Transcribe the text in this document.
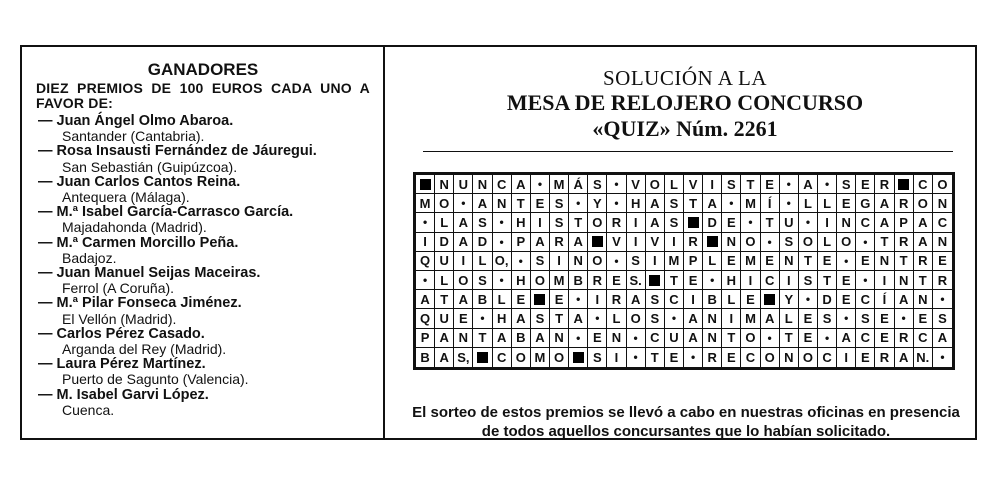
GANADORES

DIEZ PREMIOS DE 100 EUROS CADA UNO A FAVOR DE:

— Juan Ángel Olmo Abaroa.
Santander (Cantabria).
— Rosa Insausti Fernández de Jáuregui.
San Sebastián (Guipúzcoa).
— Juan Carlos Cantos Reina.
Antequera (Málaga).
— M.ª Isabel García-Carrasco García.
Majadahonda (Madrid).
— M.ª Carmen Morcillo Peña.
Badajoz.
— Juan Manuel Seijas Maceiras.
Ferrol (A Coruña).
— M.ª Pilar Fonseca Jiménez.
El Vellón (Madrid).
— Carlos Pérez Casado.
Arganda del Rey (Madrid).
— Laura Pérez Martínez.
Puerto de Sagunto (Valencia).
— M. Isabel Garvi López.
Cuenca.
SOLUCIÓN A LA
MESA DE RELOJERO CONCURSO
«QUIZ» Núm. 2261
N U N C A	• M Á S	• V O L V	I	S T E	• A	• S E R	C O
M O • A N T E S	• Y	• H A S T A	• M Í	•	L L E G A R O N
•	L A S	• H I	S T O R I A S	D E	•	T U	•	I N C A P A C
I D A D	• P A R A	V I	V I R	N O • S O L O •	T R A N
Q U I	L O, • S	I N O • S I M P L E M E N T E	• E N T R E
•	L O S	• H O M B R E S.	T E	• H I C I	S T E	•	I N T R
A T A B L E	E	•	I R A S C I B L E	Y	• D E C Í A N	•
Q U E	• H A S T A	•	L O S	• A N I M A L E S	• S E	• E S
P A N T A B A N	• E N	• C U A N T O •	T E	• A C E R C A
B A S,	C O M O	S I	•	T E	• R E C O N O C I	E R A N. •

El sorteo de estos premios se llevó a cabo en nuestras oficinas en presencia de todos aquellos concursantes que lo habían solicitado.
